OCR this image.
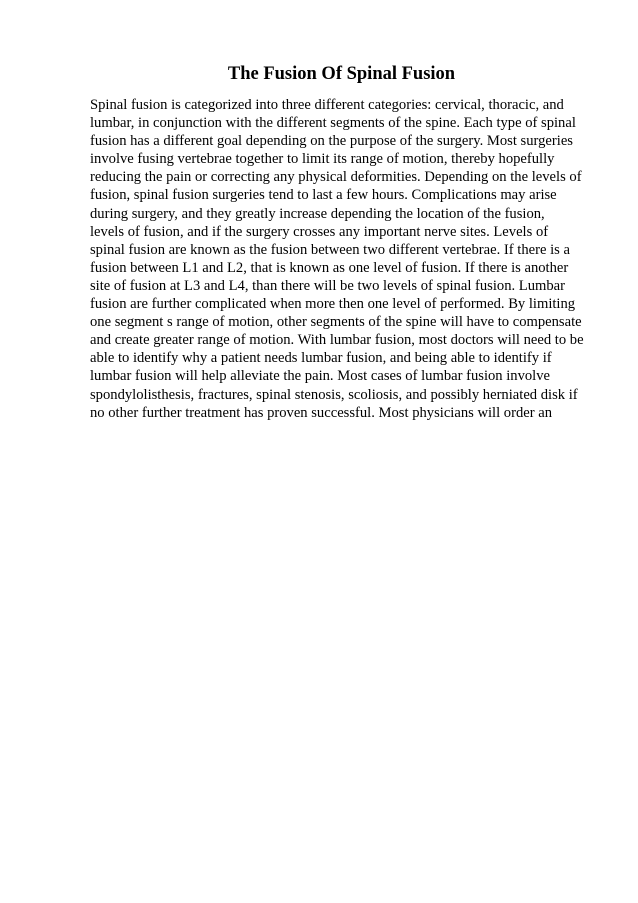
The Fusion Of Spinal Fusion
Spinal fusion is categorized into three different categories: cervical, thoracic, and
lumbar, in conjunction with the different segments of the spine. Each type of spinal
fusion has a different goal depending on the purpose of the surgery. Most surgeries
involve fusing vertebrae together to limit its range of motion, thereby hopefully
reducing the pain or correcting any physical deformities. Depending on the levels of
fusion, spinal fusion surgeries tend to last a few hours. Complications may arise
during surgery, and they greatly increase depending the location of the fusion,
levels of fusion, and if the surgery crosses any important nerve sites. Levels of
spinal fusion are known as the fusion between two different vertebrae. If there is a
fusion between L1 and L2, that is known as one level of fusion. If there is another
site of fusion at L3 and L4, than there will be two levels of spinal fusion. Lumbar
fusion are further complicated when more then one level of performed. By limiting
one segment s range of motion, other segments of the spine will have to compensate
and create greater range of motion. With lumbar fusion, most doctors will need to be
able to identify why a patient needs lumbar fusion, and being able to identify if
lumbar fusion will help alleviate the pain. Most cases of lumbar fusion involve
spondylolisthesis, fractures, spinal stenosis, scoliosis, and possibly herniated disk if
no other further treatment has proven successful. Most physicians will order an
